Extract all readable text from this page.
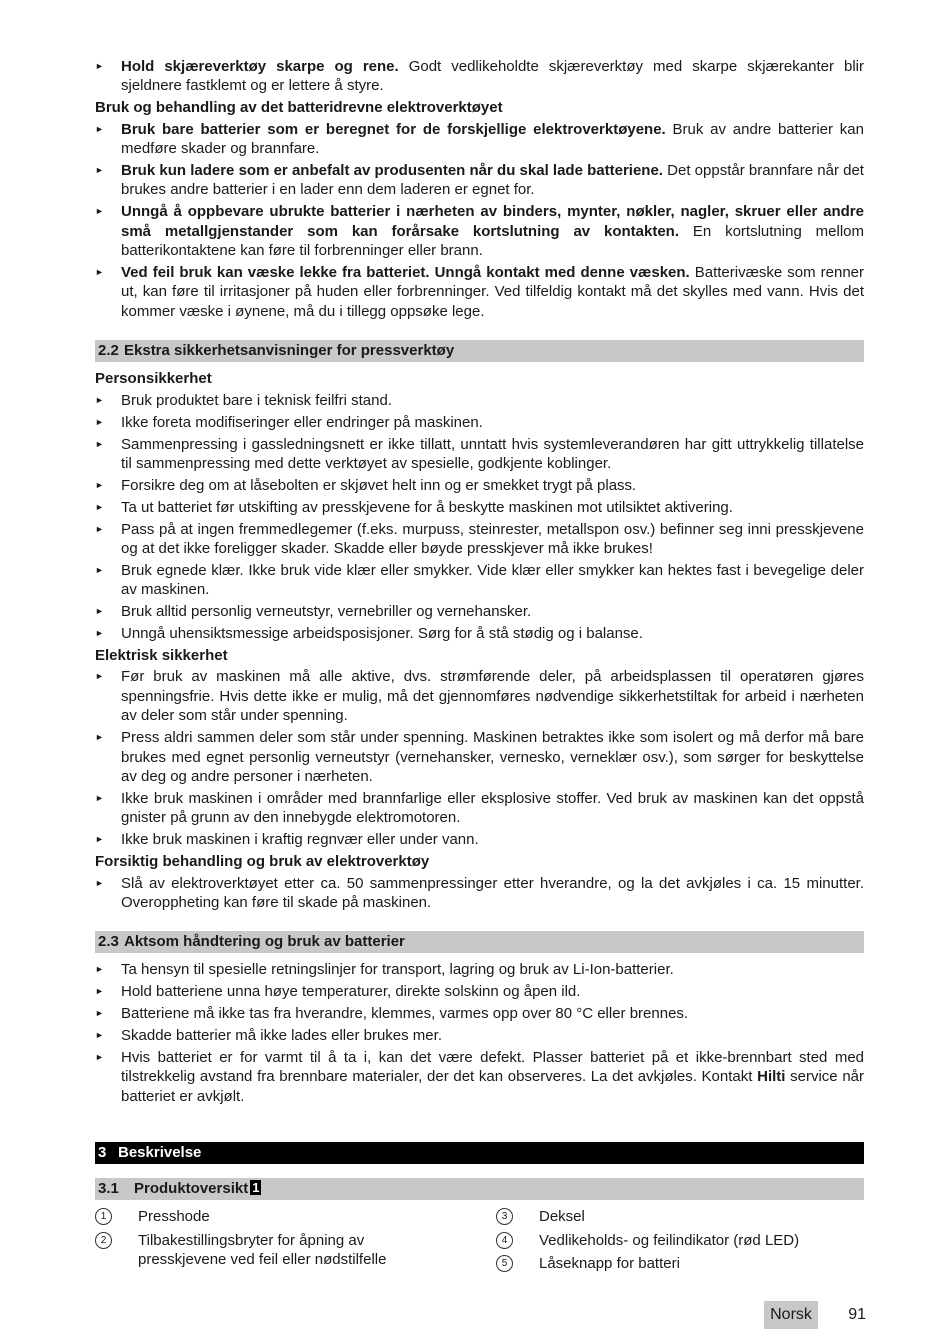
►	Hold skjæreverktøy skarpe og rene. Godt vedlikeholdte skjæreverktøy med skarpe skjærekanter blir sjeldnere fastklemt og er lettere å styre.
Bruk og behandling av det batteridrevne elektroverktøyet
►	Bruk bare batterier som er beregnet for de forskjellige elektroverktøyene. Bruk av andre batterier kan medføre skader og brannfare.
►	Bruk kun ladere som er anbefalt av produsenten når du skal lade batteriene. Det oppstår brannfare når det brukes andre batterier i en lader enn dem laderen er egnet for.
►	Unngå å oppbevare ubrukte batterier i nærheten av binders, mynter, nøkler, nagler, skruer eller andre små metallgjenstander som kan forårsake kortslutning av kontakten. En kortslutning mellom batterikontaktene kan føre til forbrenninger eller brann.
►	Ved feil bruk kan væske lekke fra batteriet. Unngå kontakt med denne væsken. Batterivæske som renner ut, kan føre til irritasjoner på huden eller forbrenninger. Ved tilfeldig kontakt må det skylles med vann. Hvis det kommer væske i øynene, må du i tillegg oppsøke lege.
2.2 Ekstra sikkerhetsanvisninger for pressverktøy
Personsikkerhet
►	Bruk produktet bare i teknisk feilfri stand.
►	Ikke foreta modifiseringer eller endringer på maskinen.
►	Sammenpressing i gassledningsnett er ikke tillatt, unntatt hvis systemleverandøren har gitt uttrykkelig tillatelse til sammenpressing med dette verktøyet av spesielle, godkjente koblinger.
►	Forsikre deg om at låsebolten er skjøvet helt inn og er smekket trygt på plass.
►	Ta ut batteriet før utskifting av presskjevene for å beskytte maskinen mot utilsiktet aktivering.
►	Pass på at ingen fremmedlegemer (f.eks. murpuss, steinrester, metallspon osv.) befinner seg inni presskjevene og at det ikke foreligger skader. Skadde eller bøyde presskjever må ikke brukes!
►	Bruk egnede klær. Ikke bruk vide klær eller smykker. Vide klær eller smykker kan hektes fast i bevegelige deler av maskinen.
►	Bruk alltid personlig verneutstyr, vernebriller og vernehansker.
►	Unngå uhensiktsmessige arbeidsposisjoner. Sørg for å stå stødig og i balanse.
Elektrisk sikkerhet
►	Før bruk av maskinen må alle aktive, dvs. strømførende deler, på arbeidsplassen til operatøren gjøres spenningsfrie. Hvis dette ikke er mulig, må det gjennomføres nødvendige sikkerhetstiltak for arbeid i nærheten av deler som står under spenning.
►	Press aldri sammen deler som står under spenning. Maskinen betraktes ikke som isolert og må derfor må bare brukes med egnet personlig verneutstyr (vernehansker, vernesko, verneklær osv.), som sørger for beskyttelse av deg og andre personer i nærheten.
►	Ikke bruk maskinen i områder med brannfarlige eller eksplosive stoffer. Ved bruk av maskinen kan det oppstå gnister på grunn av den innebygde elektromotoren.
►	Ikke bruk maskinen i kraftig regnvær eller under vann.
Forsiktig behandling og bruk av elektroverktøy
►	Slå av elektroverktøyet etter ca. 50 sammenpressinger etter hverandre, og la det avkjøles i ca. 15 minutter. Overoppheting kan føre til skade på maskinen.
2.3 Aktsom håndtering og bruk av batterier
►	Ta hensyn til spesielle retningslinjer for transport, lagring og bruk av Li-Ion-batterier.
►	Hold batteriene unna høye temperaturer, direkte solskinn og åpen ild.
►	Batteriene må ikke tas fra hverandre, klemmes, varmes opp over 80 °C eller brennes.
►	Skadde batterier må ikke lades eller brukes mer.
►	Hvis batteriet er for varmt til å ta i, kan det være defekt. Plasser batteriet på et ikke-brennbart sted med tilstrekkelig avstand fra brennbare materialer, der det kan observeres. La det avkjøles. Kontakt Hilti service når batteriet er avkjølt.
3 Beskrivelse
3.1 Produktoversikt 1
1	Presshode
2	Tilbakestillingsbryter for åpning av presskjevene ved feil eller nødstilfelle
3	Deksel
4	Vedlikeholds- og feilindikator (rød LED)
5	Låseknapp for batteri
Norsk	91
